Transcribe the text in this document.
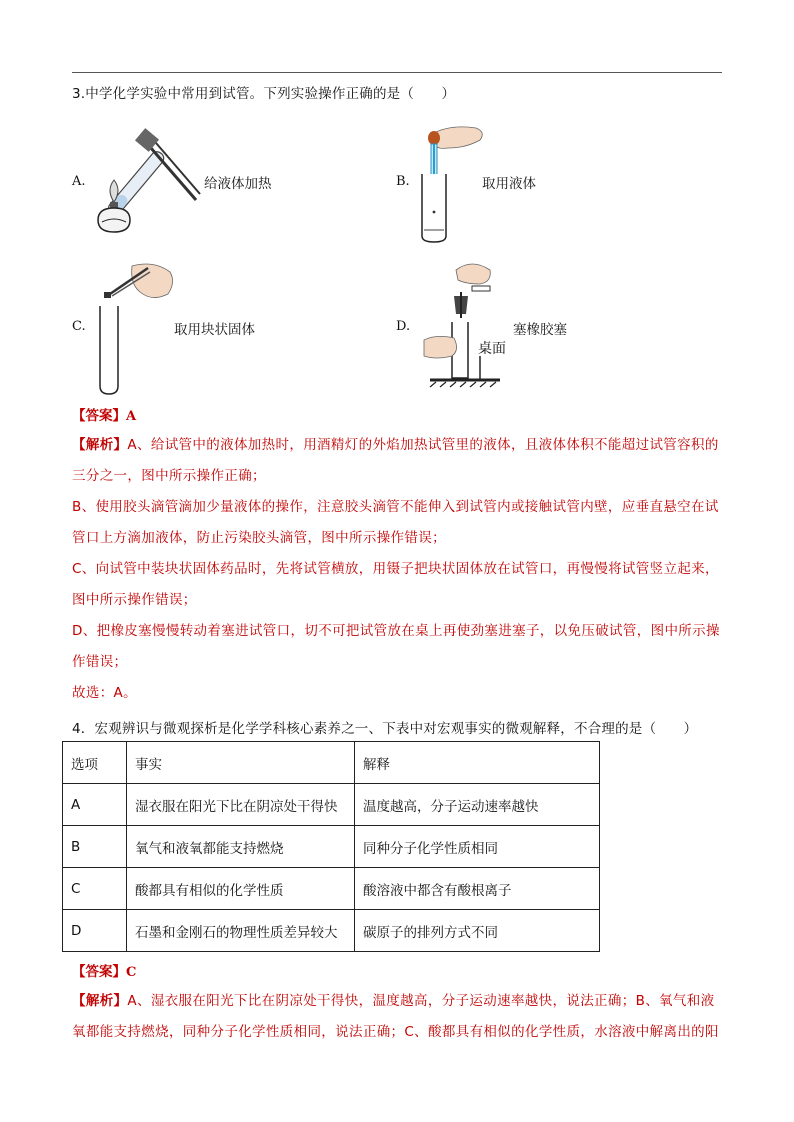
3.中学化学实验中常用到试管。下列实验操作正确的是（　　）
A.	给液体加热	B.	取用液体
C.	取用块状固体	D.
桌面
塞橡胶塞
【答案】A

【解析】A、给试管中的液体加热时，用酒精灯的外焰加热试管里的液体，且液体体积不能超过试管容积的三分之一，图中所示操作正确；

B、使用胶头滴管滴加少量液体的操作，注意胶头滴管不能伸入到试管内或接触试管内壁，应垂直悬空在试管口上方滴加液体，防止污染胶头滴管，图中所示操作错误；

C、向试管中装块状固体药品时，先将试管横放，用镊子把块状固体放在试管口，再慢慢将试管竖立起来，图中所示操作错误；

D、把橡皮塞慢慢转动着塞进试管口，切不可把试管放在桌上再使劲塞进塞子，以免压破试管，图中所示操作错误；

故选：A。

4．宏观辨识与微观探析是化学学科核心素养之一、下表中对宏观事实的微观解释，不合理的是（　　）
选项	事实	解释
A	湿衣服在阳光下比在阴凉处干得快	温度越高，分子运动速率越快
B	氧气和液氧都能支持燃烧	同种分子化学性质相同
C	酸都具有相似的化学性质	酸溶液中都含有酸根离子
D	石墨和金刚石的物理性质差异较大	碳原子的排列方式不同
【答案】C

【解析】A、湿衣服在阳光下比在阴凉处干得快，温度越高，分子运动速率越快，说法正确；B、氧气和液氧都能支持燃烧，同种分子化学性质相同，说法正确；C、酸都具有相似的化学性质，水溶液中解离出的阳
